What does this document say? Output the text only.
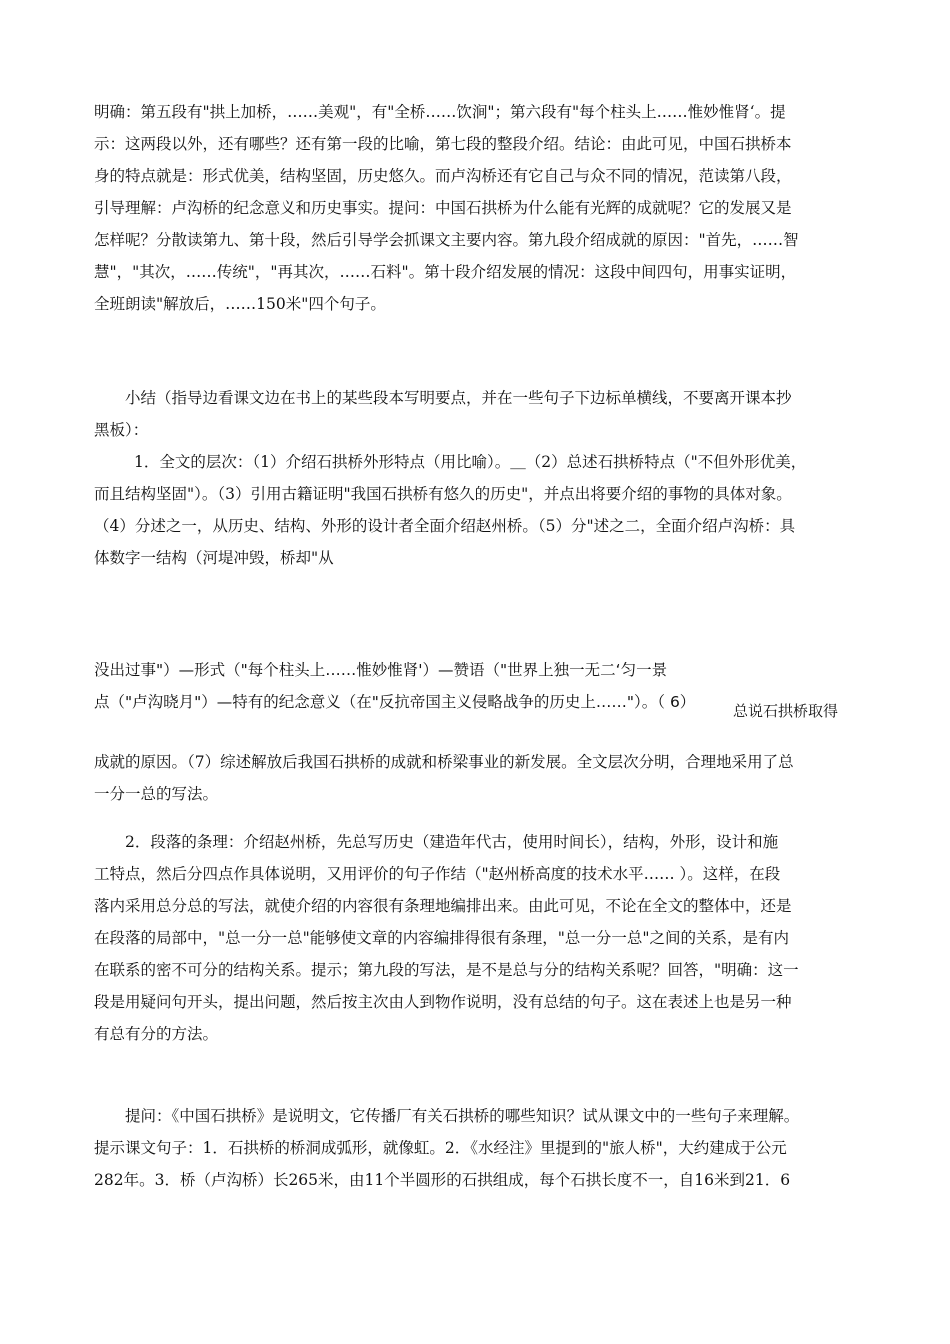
明确：第五段有"拱上加桥，……美观"，有"全桥……饮涧"；第六段有"每个柱头上……惟妙惟肾‘。提
示：这两段以外，还有哪些？还有第一段的比喻，第七段的整段介绍。结论：由此可见，中国石拱桥本
身的特点就是：形式优美，结构坚固，历史悠久。而卢沟桥还有它自己与众不同的情况，范读第八段，
引导理解：卢沟桥的纪念意义和历史事实。提问：中国石拱桥为什么能有光辉的成就呢？它的发展又是
怎样呢？分散读第九、第十段，然后引导学会抓课文主要内容。第九段介绍成就的原因："首先，……智
慧"，"其次，……传统"，"再其次，……石料"。第十段介绍发展的情况：这段中间四句，用事实证明，
全班朗读"解放后，……150米"四个句子。
小结（指导边看课文边在书上的某些段本写明要点，并在一些句子下边标单横线，不要离开课本抄
黑板）：
1．全文的层次：（1）介绍石拱桥外形特点（用比喻）。＿（2）总述石拱桥特点（"不但外形优美，
而且结构坚固"）。（3）引用古籍证明"我国石拱桥有悠久的历史"，并点出将要介绍的事物的具体对象。
（4）分述之一，从历史、结构、外形的设计者全面介绍赵州桥。（5）分"述之二，全面介绍卢沟桥：具
体数字一结构（河堤冲毁，桥却"从
没出过事"）—形式（"每个柱头上……惟妙惟肾'）—赞语（"世界上独一无二‘匀一景
点（"卢沟晓月"）—特有的纪念意义（在"反抗帝国主义侵略战争的历史上……"）。（ 6）	总说石拱桥取得
成就的原因。（7）综述解放后我国石拱桥的成就和桥梁事业的新发展。全文层次分明，合理地采用了总
一分一总的写法。
2．段落的条理：介绍赵州桥，先总写历史（建造年代古，使用时间长），结构，外形，设计和施
工特点，然后分四点作具体说明，又用评价的句子作结（"赵州桥高度的技术水平…… ）。这样，在段
落内采用总分总的写法，就使介绍的内容很有条理地编排出来。由此可见，不论在全文的整体中，还是
在段落的局部中，"总一分一总"能够使文章的内容编排得很有条理，"总一分一总"之间的关系，是有内
在联系的密不可分的结构关系。提示；第九段的写法，是不是总与分的结构关系呢？回答，"明确：这一
段是用疑问句开头，提出问题，然后按主次由人到物作说明，没有总结的句子。这在表述上也是另一种
有总有分的方法。
提问：《中国石拱桥》是说明文，它传播厂有关石拱桥的哪些知识？试从课文中的一些句子来理解。
提示课文句子：1．石拱桥的桥洞成弧形，就像虹。2．《水经注》里提到的"旅人桥"，大约建成于公元
282年。3．桥（卢沟桥）长265米，由11个半圆形的石拱组成，每个石拱长度不一，自16米到21．6
